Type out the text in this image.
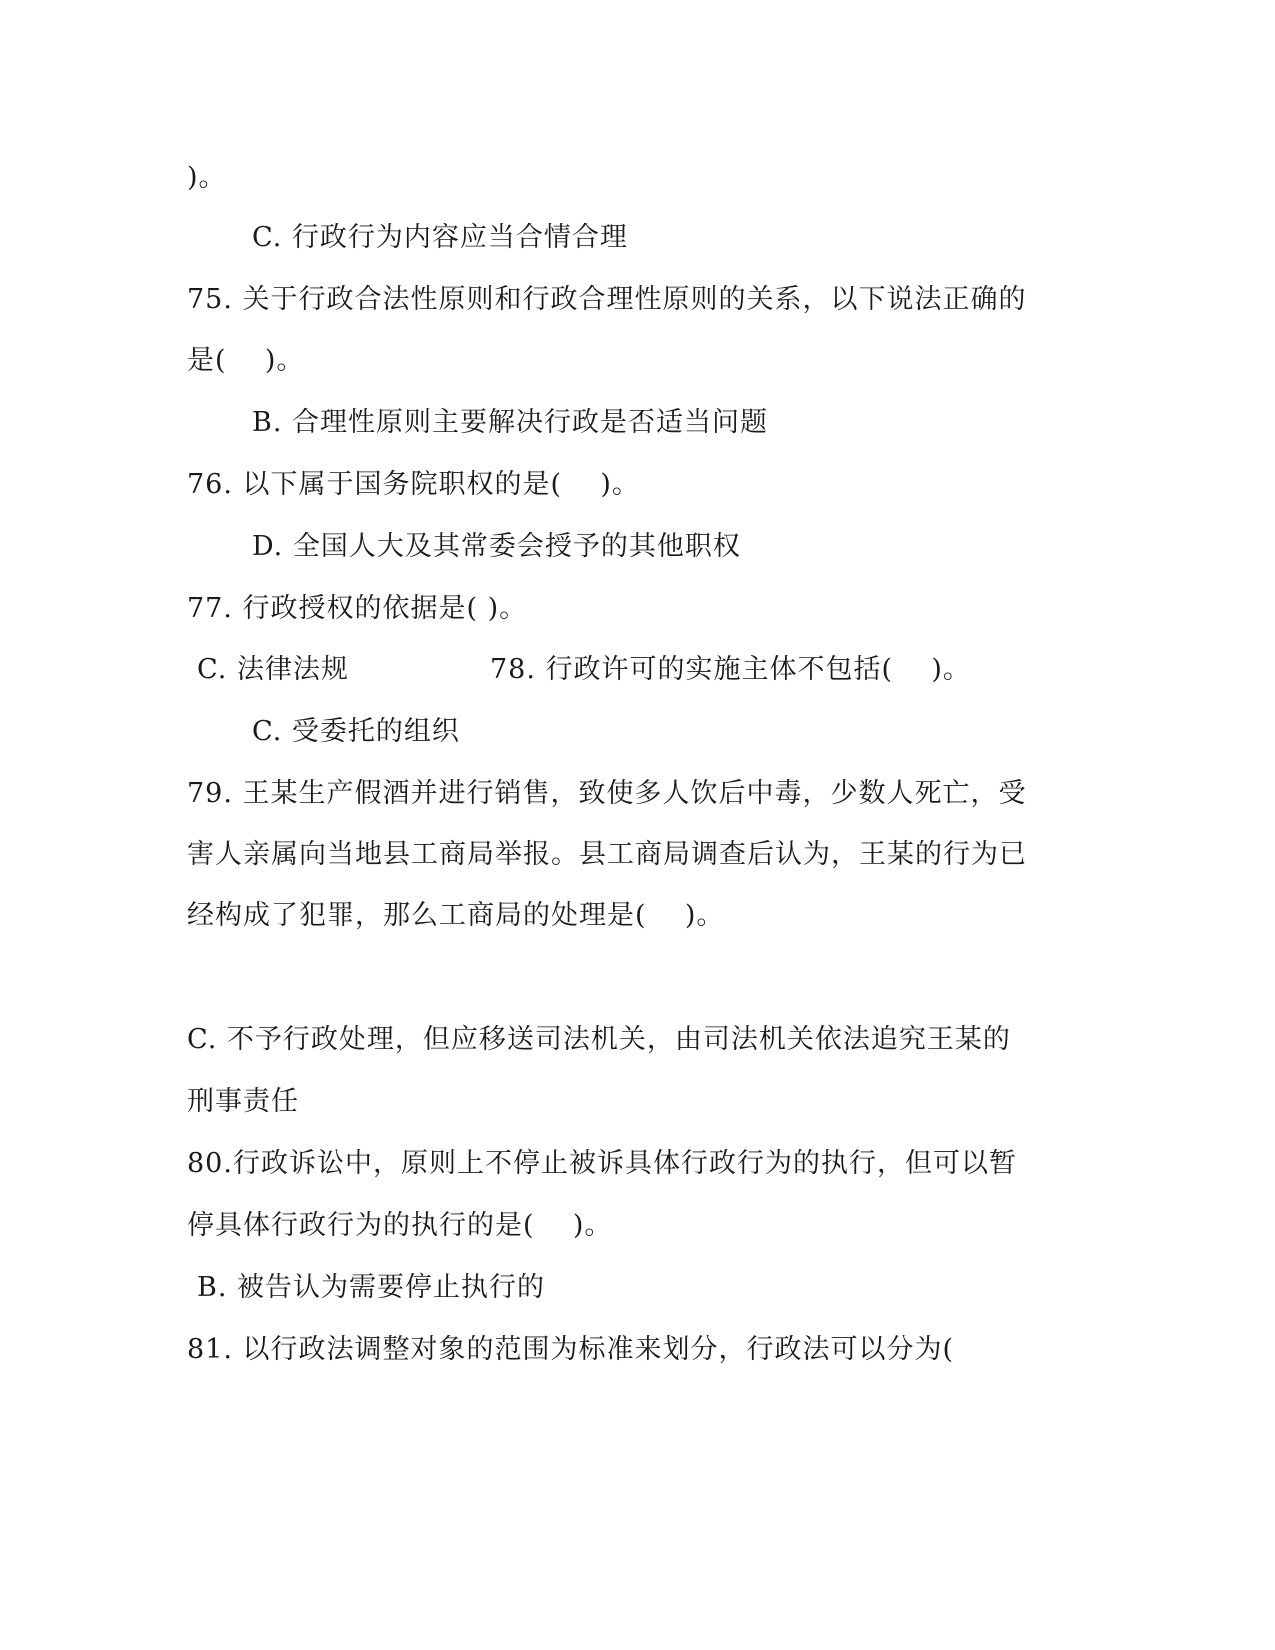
)。
C. 行政行为内容应当合情合理
75. 关于行政合法性原则和行政合理性原则的关系，以下说法正确的
是(    )。
B. 合理性原则主要解决行政是否适当问题
76. 以下属于国务院职权的是(    )。
D. 全国人大及其常委会授予的其他职权
77. 行政授权的依据是( )。
C. 法律法规	78. 行政许可的实施主体不包括(    )。
C. 受委托的组织
79. 王某生产假酒并进行销售，致使多人饮后中毒，少数人死亡，受
害人亲属向当地县工商局举报。县工商局调查后认为，王某的行为已
经构成了犯罪，那么工商局的处理是(    )。
C. 不予行政处理，但应移送司法机关，由司法机关依法追究王某的
刑事责任
80.行政诉讼中，原则上不停止被诉具体行政行为的执行，但可以暂
停具体行政行为的执行的是(    )。
B. 被告认为需要停止执行的
81. 以行政法调整对象的范围为标准来划分，行政法可以分为(
